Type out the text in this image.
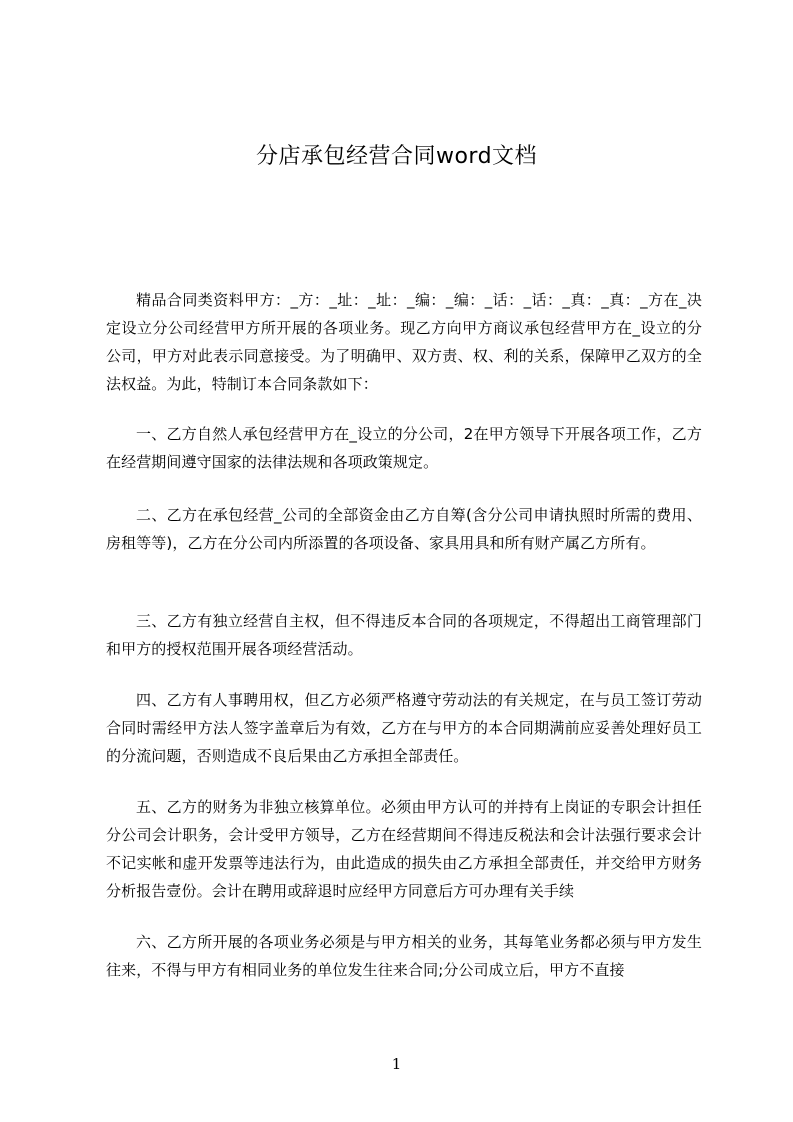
分店承包经营合同word文档

精品合同类资料甲方：_方：_址：_址：_编：_编：_话：_话：_真：_真：_方在_决定设立分公司经营甲方所开展的各项业务。现乙方向甲方商议承包经营甲方在_设立的分公司，甲方对此表示同意接受。为了明确甲、双方责、权、利的关系，保障甲乙双方的全法权益。为此，特制订本合同条款如下：

一、乙方自然人承包经营甲方在_设立的分公司，2在甲方领导下开展各项工作，乙方在经营期间遵守国家的法律法规和各项政策规定。

二、乙方在承包经营_公司的全部资金由乙方自筹(含分公司申请执照时所需的费用、房租等等)，乙方在分公司内所添置的各项设备、家具用具和所有财产属乙方所有。

三、乙方有独立经营自主权，但不得违反本合同的各项规定，不得超出工商管理部门和甲方的授权范围开展各项经营活动。

四、乙方有人事聘用权，但乙方必须严格遵守劳动法的有关规定，在与员工签订劳动合同时需经甲方法人签字盖章后为有效，乙方在与甲方的本合同期满前应妥善处理好员工的分流问题，否则造成不良后果由乙方承担全部责任。

五、乙方的财务为非独立核算单位。必须由甲方认可的并持有上岗证的专职会计担任分公司会计职务，会计受甲方领导，乙方在经营期间不得违反税法和会计法强行要求会计不记实帐和虚开发票等违法行为，由此造成的损失由乙方承担全部责任，并交给甲方财务分析报告壹份。会计在聘用或辞退时应经甲方同意后方可办理有关手续

六、乙方所开展的各项业务必须是与甲方相关的业务，其每笔业务都必须与甲方发生往来，不得与甲方有相同业务的单位发生往来合同;分公司成立后，甲方不直接

1
